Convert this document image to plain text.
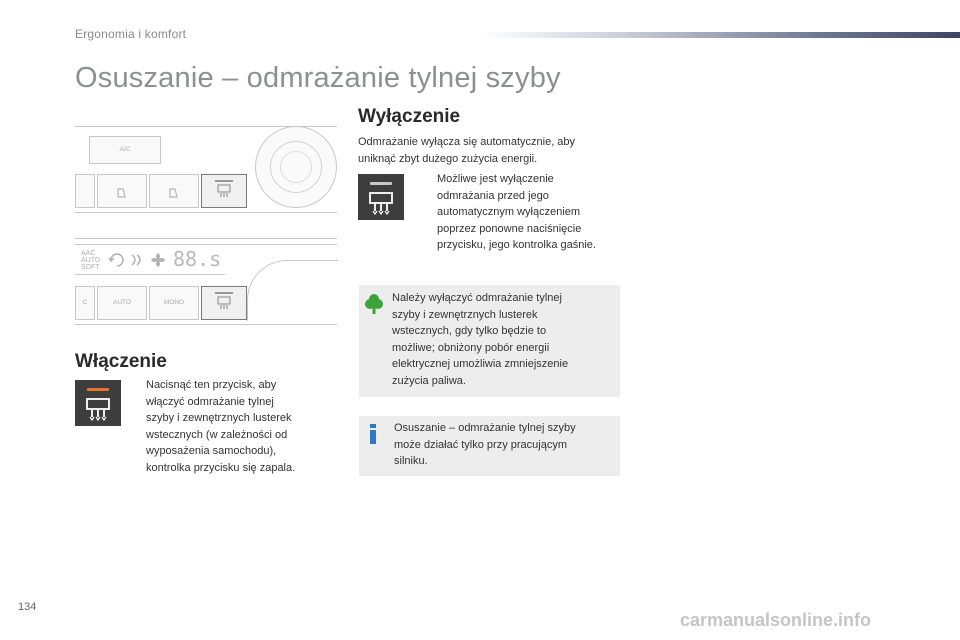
Ergonomia i komfort
Osuszanie – odmrażanie tylnej szyby
A/C
AAC
AUTO
SOFT	88.s
C	AUTO	MONO
Włączenie
Nacisnąć ten przycisk, aby
włączyć odmrażanie tylnej
szyby i zewnętrznych lusterek
wstecznych (w zależności od
wyposażenia samochodu),
kontrolka przycisku się zapala.
Wyłączenie
Odmrażanie wyłącza się automatycznie, aby
uniknąć zbyt dużego zużycia energii.
Możliwe jest wyłączenie
odmrażania przed jego
automatycznym wyłączeniem
poprzez ponowne naciśnięcie
przycisku, jego kontrolka gaśnie.
Należy wyłączyć odmrażanie tylnej
szyby i zewnętrznych lusterek
wstecznych, gdy tylko będzie to
możliwe; obniżony pobór energii
elektrycznej umożliwia zmniejszenie
zużycia paliwa.
Osuszanie – odmrażanie tylnej szyby
może działać tylko przy pracującym
silniku.
134
carmanualsonline.info
